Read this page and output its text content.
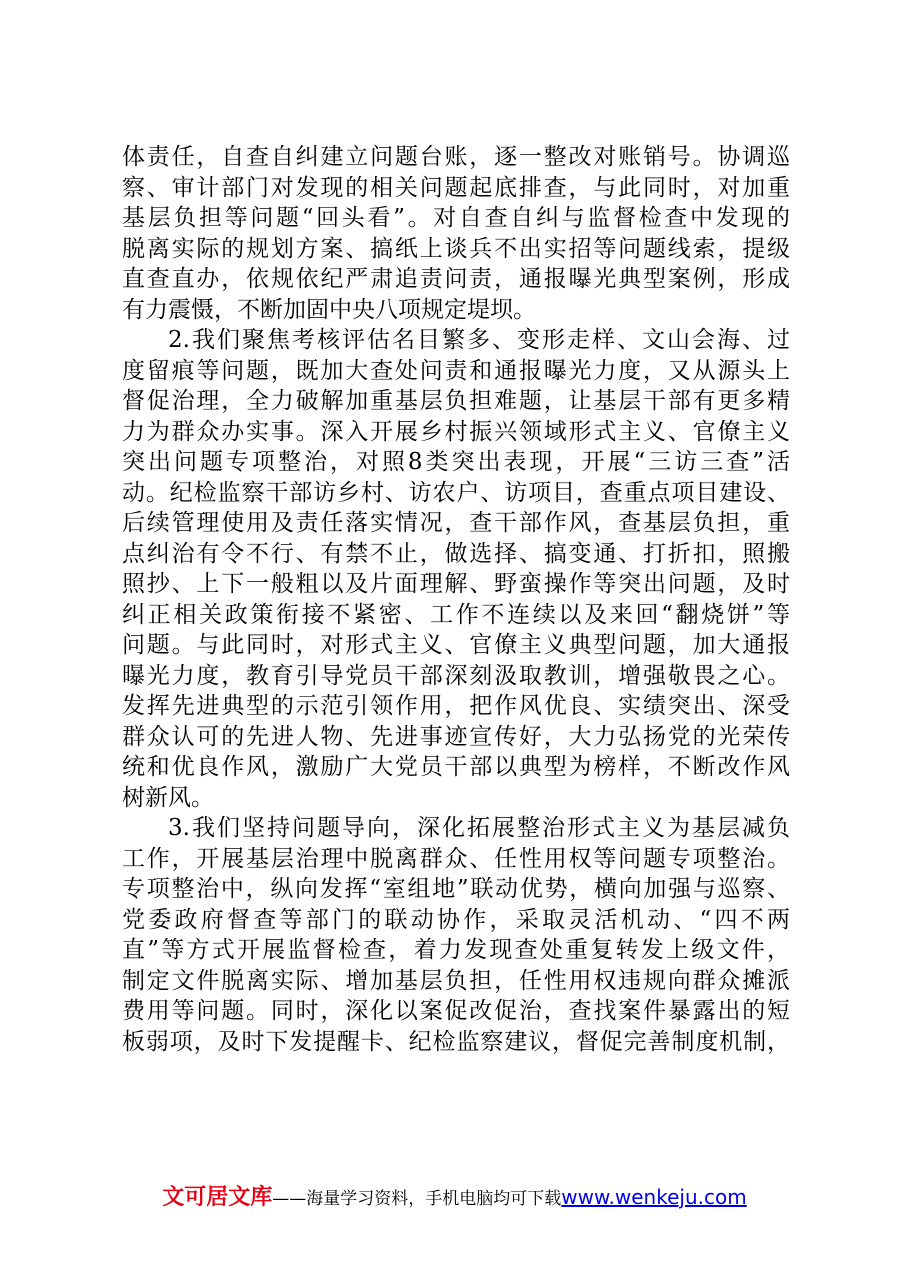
体责任，自查自纠建立问题台账，逐一整改对账销号。协调巡
察、审计部门对发现的相关问题起底排查，与此同时，对加重
基层负担等问题“回头看”。对自查自纠与监督检查中发现的
脱离实际的规划方案、搞纸上谈兵不出实招等问题线索，提级
直查直办，依规依纪严肃追责问责，通报曝光典型案例，形成
有力震慑，不断加固中央八项规定堤坝。
2.我们聚焦考核评估名目繁多、变形走样、文山会海、过
度留痕等问题，既加大查处问责和通报曝光力度，又从源头上
督促治理，全力破解加重基层负担难题，让基层干部有更多精
力为群众办实事。深入开展乡村振兴领域形式主义、官僚主义
突出问题专项整治，对照8类突出表现，开展“三访三查”活
动。纪检监察干部访乡村、访农户、访项目，查重点项目建设、
后续管理使用及责任落实情况，查干部作风，查基层负担，重
点纠治有令不行、有禁不止，做选择、搞变通、打折扣，照搬
照抄、上下一般粗以及片面理解、野蛮操作等突出问题，及时
纠正相关政策衔接不紧密、工作不连续以及来回“翻烧饼”等
问题。与此同时，对形式主义、官僚主义典型问题，加大通报
曝光力度，教育引导党员干部深刻汲取教训，增强敬畏之心。
发挥先进典型的示范引领作用，把作风优良、实绩突出、深受
群众认可的先进人物、先进事迹宣传好，大力弘扬党的光荣传
统和优良作风，激励广大党员干部以典型为榜样，不断改作风
树新风。
3.我们坚持问题导向，深化拓展整治形式主义为基层减负
工作，开展基层治理中脱离群众、任性用权等问题专项整治。
专项整治中，纵向发挥“室组地”联动优势，横向加强与巡察、
党委政府督查等部门的联动协作，采取灵活机动、“四不两
直”等方式开展监督检查，着力发现查处重复转发上级文件，
制定文件脱离实际、增加基层负担，任性用权违规向群众摊派
费用等问题。同时，深化以案促改促治，查找案件暴露出的短
板弱项，及时下发提醒卡、纪检监察建议，督促完善制度机制，
文可居文库——海量学习资料，手机电脑均可下载www.wenkeju.com
